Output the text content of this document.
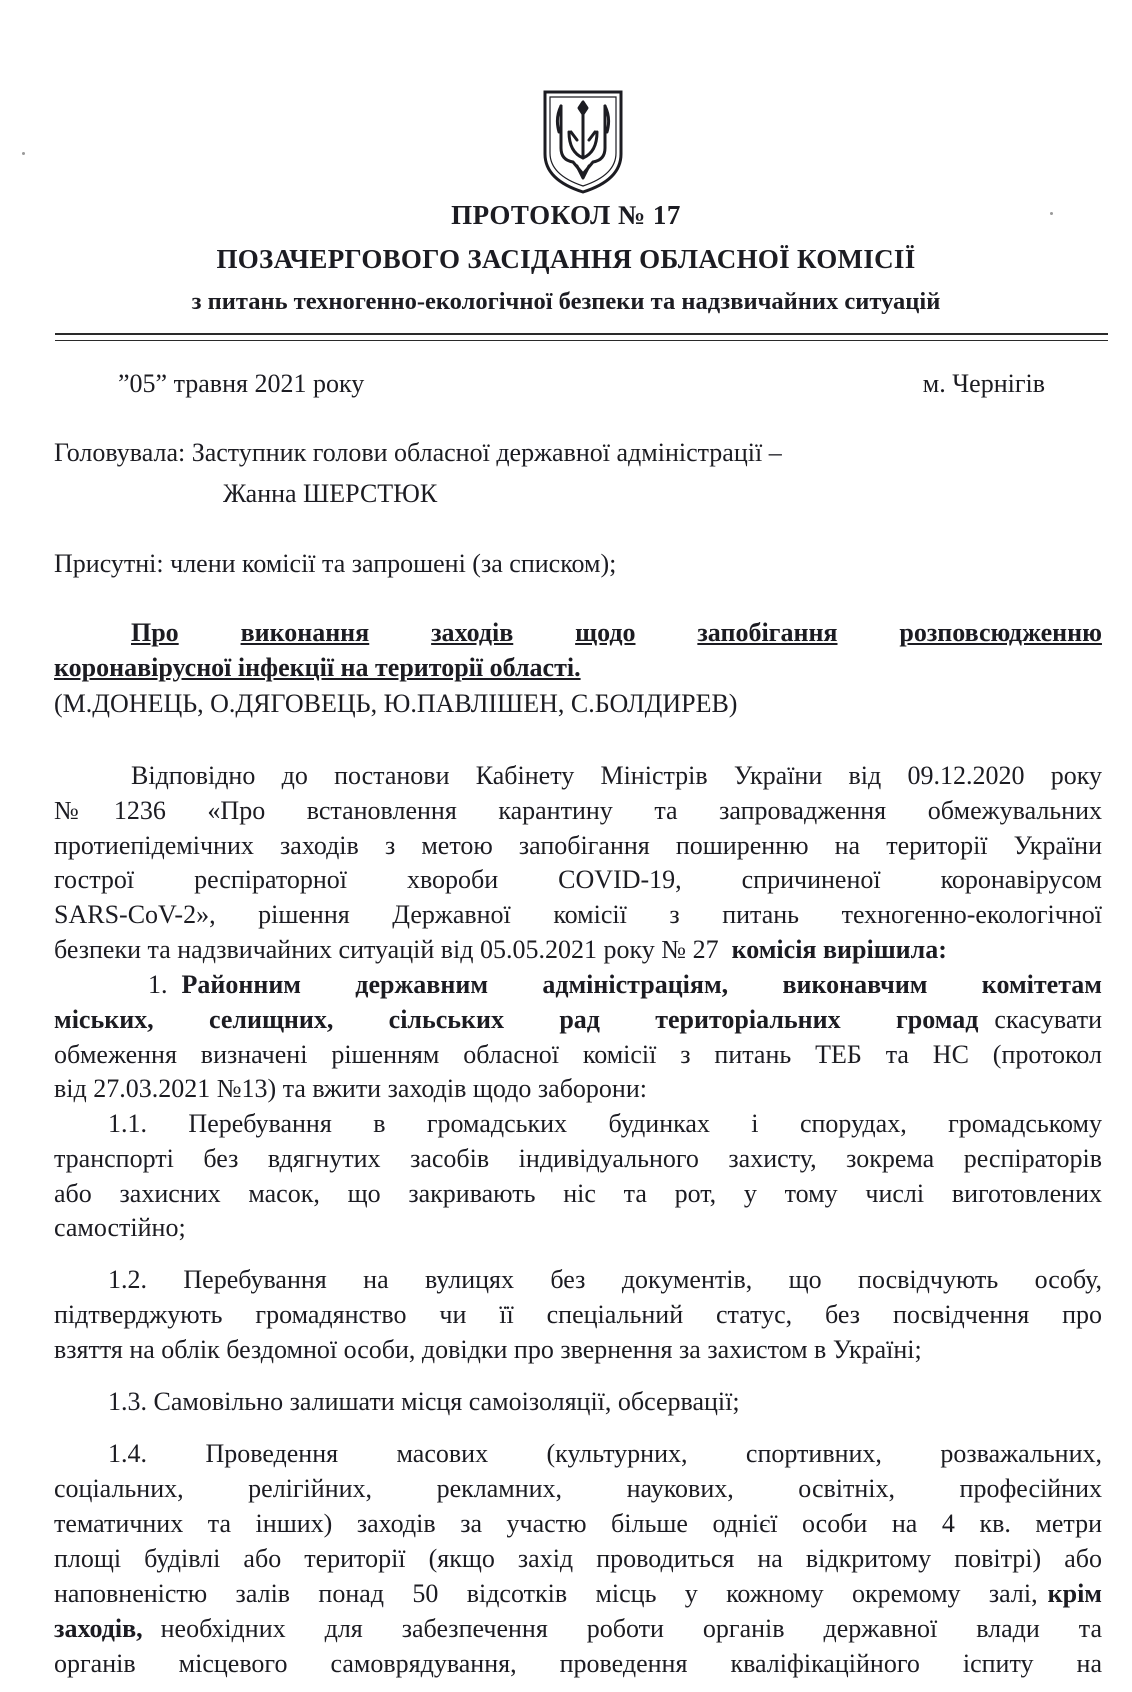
ПРОТОКОЛ № 17
ПОЗАЧЕРГОВОГО ЗАСІДАННЯ ОБЛАСНОЇ КОМІСІЇ
з питань техногенно-екологічної безпеки та надзвичайних ситуацій
”05” травня 2021 року	м. Чернігів
Головувала: Заступник голови обласної державної адміністрації –
Жанна ШЕРСТЮК
Присутні: члени комісії та запрошені (за списком);
Про виконання заходів щодо запобігання розповсюдженню
коронавірусної інфекції на території області.
(М.ДОНЕЦЬ, О.ДЯГОВЕЦЬ, Ю.ПАВЛІШЕН, С.БОЛДИРЕВ)
Відповідно до постанови Кабінету Міністрів України від 09.12.2020 року
№1236 «Про встановлення карантину та запровадження обмежувальних
протиепідемічних заходів з метою запобігання поширенню на території України
гострої респіраторної хвороби COVID-19, спричиненої коронавірусом
SARS-CoV-2», рішення Державної комісії з питань техногенно-екологічної
безпеки та надзвичайних ситуацій від 05.05.2021 року № 27 комісія вирішила:
1. Районним державним адміністраціям, виконавчим комітетам
міських, селищних, сільських рад територіальних громад скасувати
обмеження визначені рішенням обласної комісії з питань ТЕБ та НС (протокол
від 27.03.2021 №13) та вжити заходів щодо заборони:
1.1. Перебування в громадських будинках і спорудах, громадському
транспорті без вдягнутих засобів індивідуального захисту, зокрема респіраторів
або захисних масок, що закривають ніс та рот, у тому числі виготовлених
самостійно;
1.2. Перебування на вулицях без документів, що посвідчують особу,
підтверджують громадянство чи її спеціальний статус, без посвідчення про
взяття на облік бездомної особи, довідки про звернення за захистом в Україні;
1.3. Самовільно залишати місця самоізоляції, обсервації;
1.4. Проведення масових (культурних, спортивних, розважальних,
соціальних, релігійних, рекламних, наукових, освітніх, професійних
тематичних та інших) заходів за участю більше однієї особи на 4 кв. метри
площі будівлі або території (якщо захід проводиться на відкритому повітрі) або
наповненістю залів понад 50 відсотків місць у кожному окремому залі, крім
заходів, необхідних для забезпечення роботи органів державної влади та
органів місцевого самоврядування, проведення кваліфікаційного іспиту на
